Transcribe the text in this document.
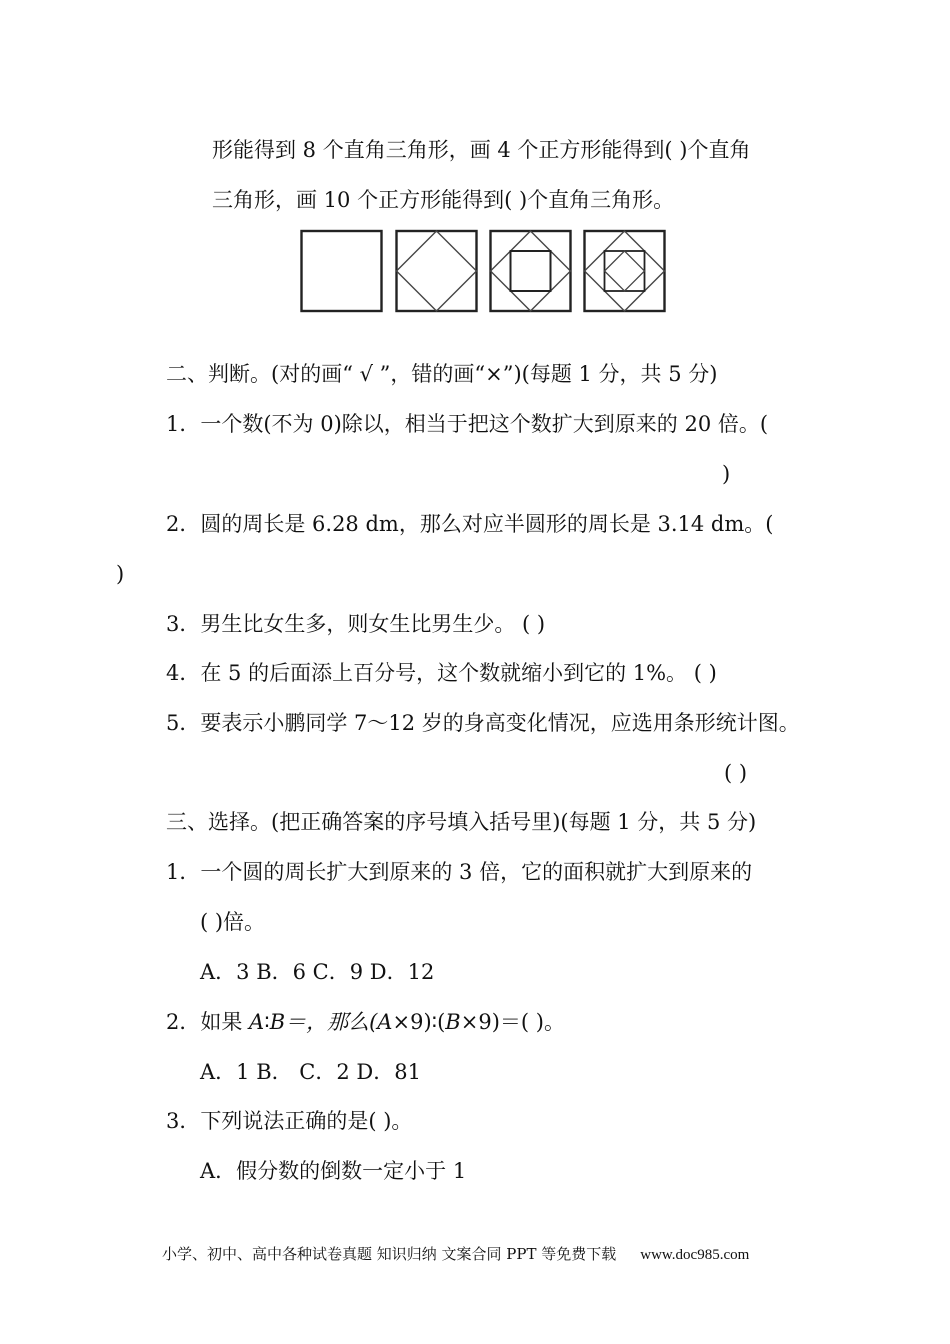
形能得到 8 个直角三角形，画 4 个正方形能得到( )个直角
三角形，画 10 个正方形能得到( )个直角三角形。
二、判断。(对的画“ √ ”，错的画“×”)(每题 1 分，共 5 分)
1．一个数(不为 0)除以，相当于把这个数扩大到原来的 20 倍。(
)
2．圆的周长是 6.28 dm，那么对应半圆形的周长是 3.14 dm。(
)
3．男生比女生多，则女生比男生少。 ( )
4．在 5 的后面添上百分号，这个数就缩小到它的 1%。 ( )
5．要表示小鹏同学 7～12 岁的身高变化情况，应选用条形统计图。
( )
三、选择。(把正确答案的序号填入括号里)(每题 1 分，共 5 分)
1．一个圆的周长扩大到原来的 3 倍，它的面积就扩大到原来的
( )倍。
A．3 B．6 C．9 D．12
2．如果 A∶B＝，那么(A×9)∶(B×9)＝( )。
A．1 B． C．2 D．81
3．下列说法正确的是( )。
A．假分数的倒数一定小于 1
小学、初中、高中各种试卷真题 知识归纳 文案合同 PPT 等免费下载 www.doc985.com
